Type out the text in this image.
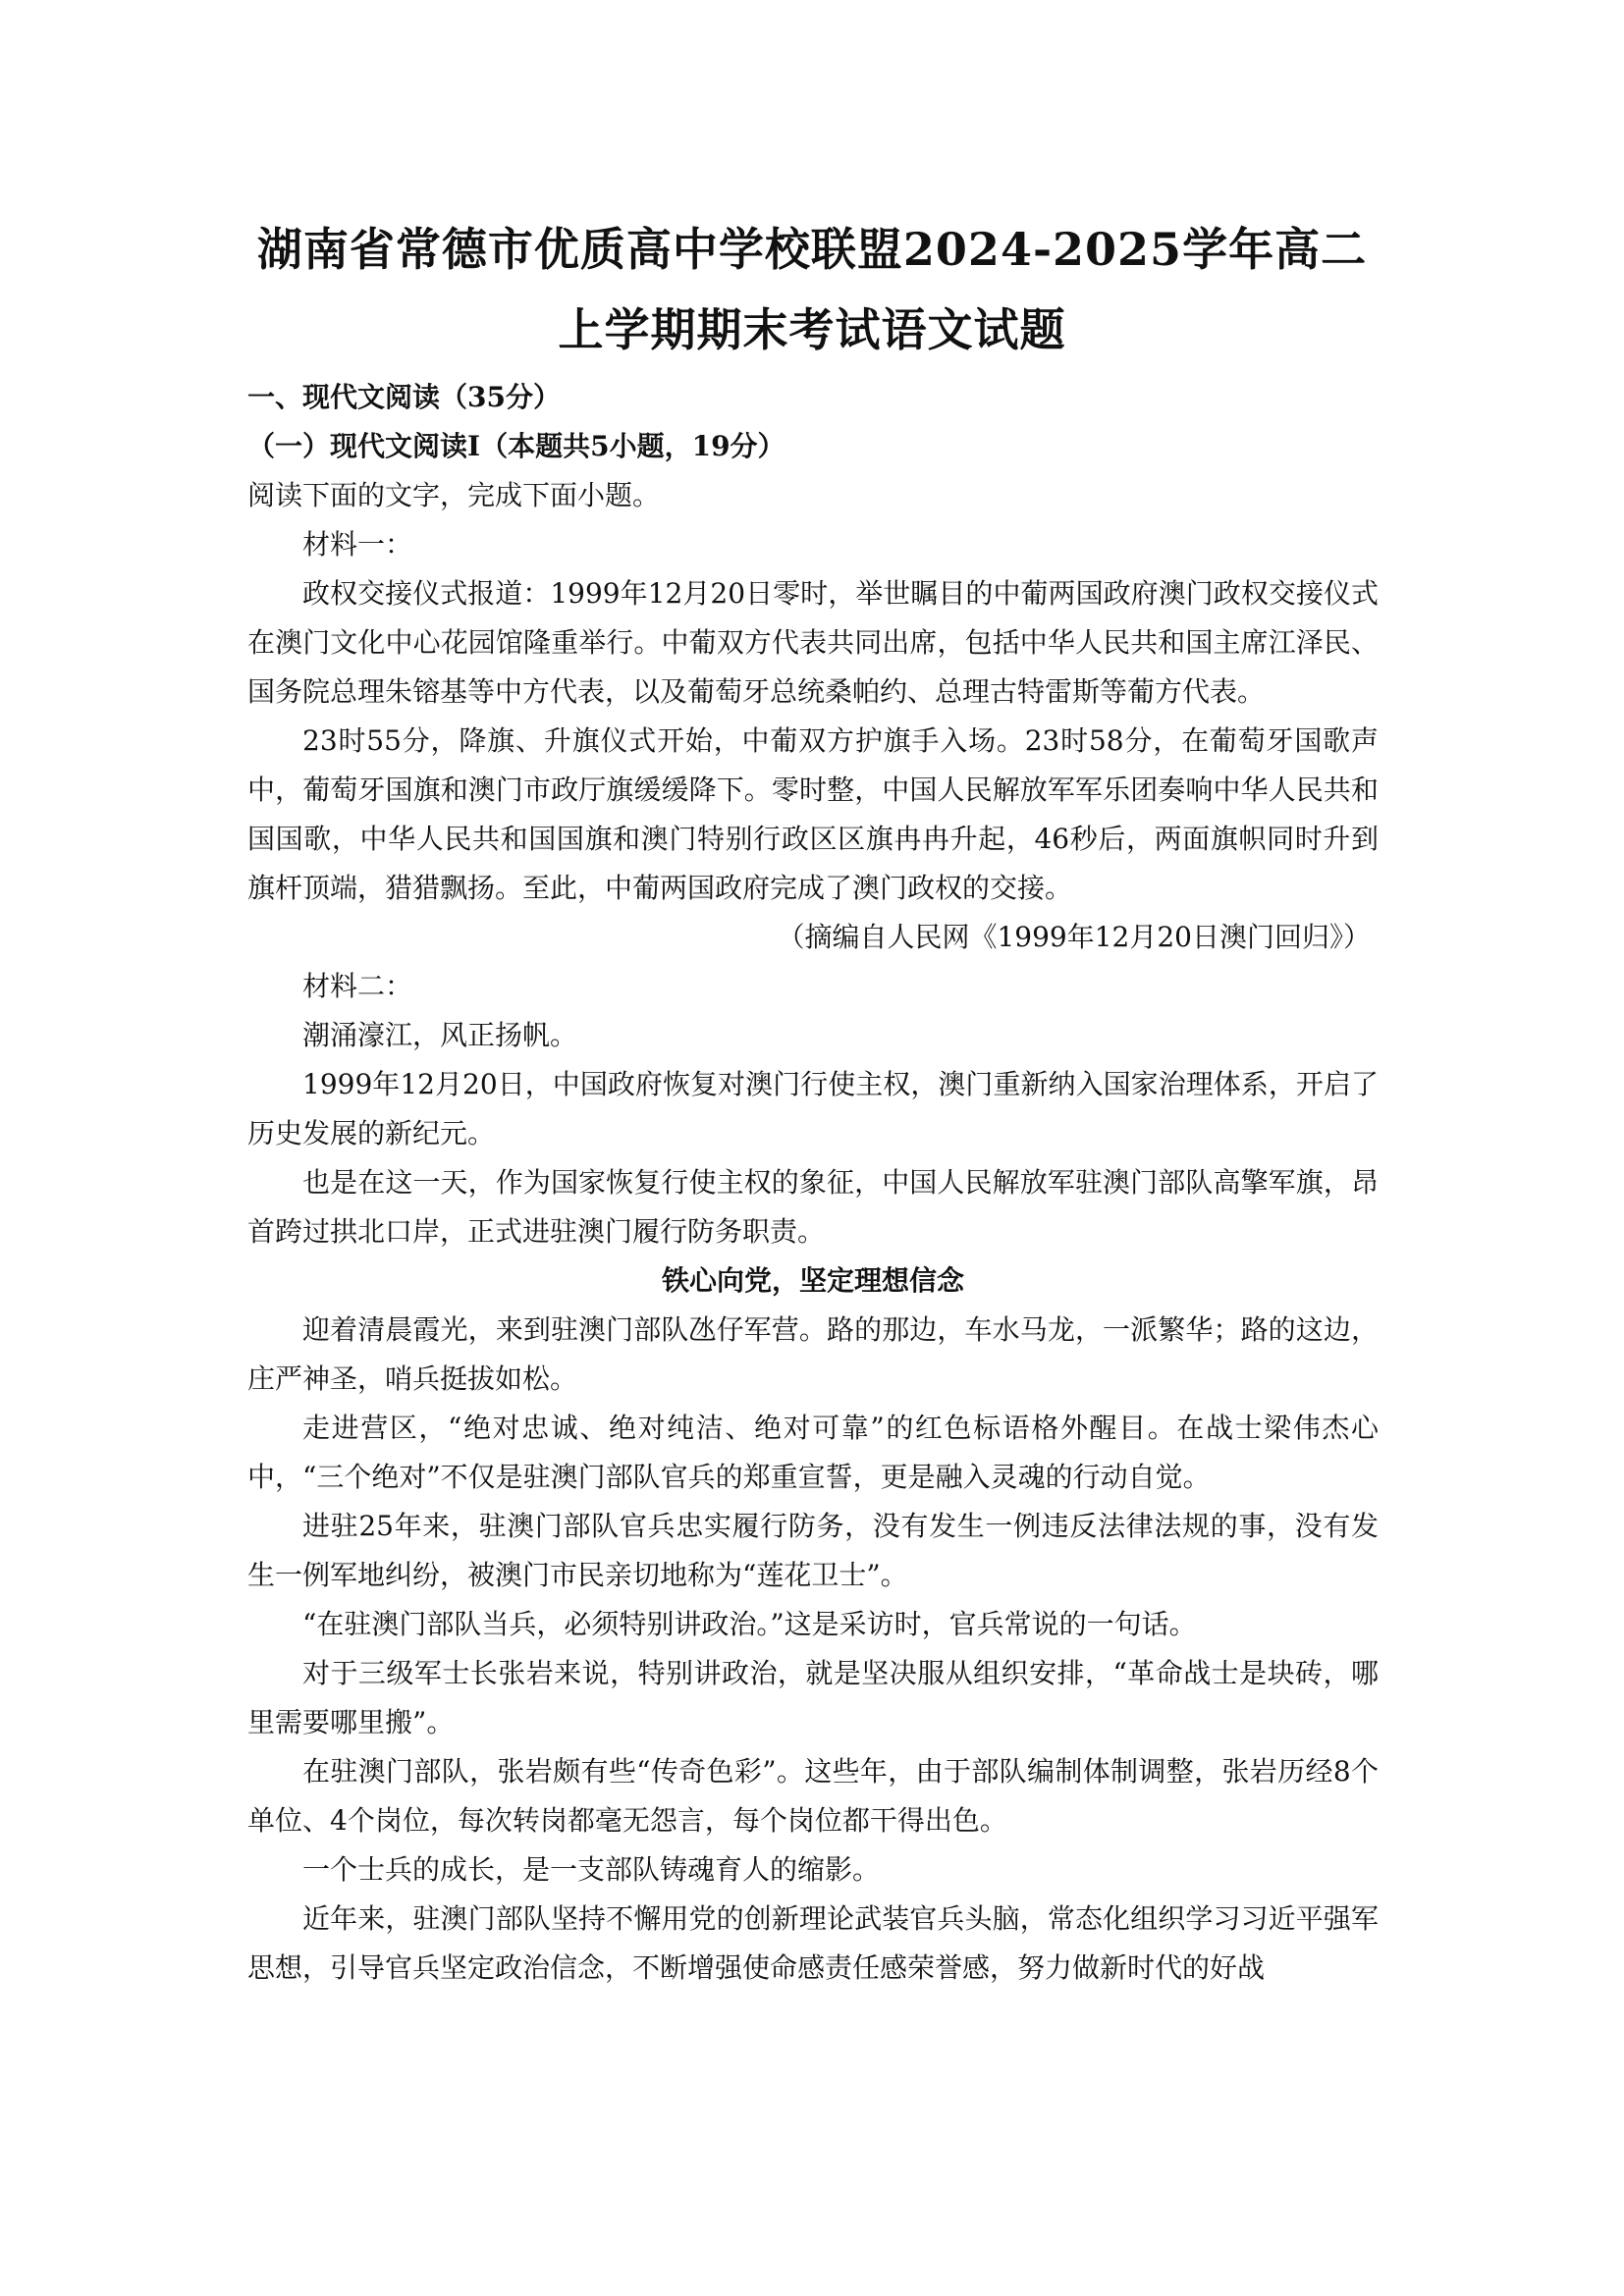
湖南省常德市优质高中学校联盟2024-2025学年高二
上学期期末考试语文试题

一、现代文阅读（35分）

（一）现代文阅读Ⅰ（本题共5小题，19分）

阅读下面的文字，完成下面小题。

材料一：

政权交接仪式报道：1999年12月20日零时，举世瞩目的中葡两国政府澳门政权交接仪式在澳门文化中心花园馆隆重举行。中葡双方代表共同出席，包括中华人民共和国主席江泽民、国务院总理朱镕基等中方代表，以及葡萄牙总统桑帕约、总理古特雷斯等葡方代表。

23时55分，降旗、升旗仪式开始，中葡双方护旗手入场。23时58分，在葡萄牙国歌声中，葡萄牙国旗和澳门市政厅旗缓缓降下。零时整，中国人民解放军军乐团奏响中华人民共和国国歌，中华人民共和国国旗和澳门特别行政区区旗冉冉升起，46秒后，两面旗帜同时升到旗杆顶端，猎猎飘扬。至此，中葡两国政府完成了澳门政权的交接。

（摘编自人民网《1999年12月20日澳门回归》）

材料二：

潮涌濠江，风正扬帆。

1999年12月20日，中国政府恢复对澳门行使主权，澳门重新纳入国家治理体系，开启了历史发展的新纪元。

也是在这一天，作为国家恢复行使主权的象征，中国人民解放军驻澳门部队高擎军旗，昂首跨过拱北口岸，正式进驻澳门履行防务职责。

铁心向党，坚定理想信念

迎着清晨霞光，来到驻澳门部队氹仔军营。路的那边，车水马龙，一派繁华；路的这边，庄严神圣，哨兵挺拔如松。

走进营区，“绝对忠诚、绝对纯洁、绝对可靠”的红色标语格外醒目。在战士梁伟杰心中，“三个绝对”不仅是驻澳门部队官兵的郑重宣誓，更是融入灵魂的行动自觉。

进驻25年来，驻澳门部队官兵忠实履行防务，没有发生一例违反法律法规的事，没有发生一例军地纠纷，被澳门市民亲切地称为“莲花卫士”。

“在驻澳门部队当兵，必须特别讲政治。”这是采访时，官兵常说的一句话。

对于三级军士长张岩来说，特别讲政治，就是坚决服从组织安排，“革命战士是块砖，哪里需要哪里搬”。

在驻澳门部队，张岩颇有些“传奇色彩”。这些年，由于部队编制体制调整，张岩历经8个单位、4个岗位，每次转岗都毫无怨言，每个岗位都干得出色。

一个士兵的成长，是一支部队铸魂育人的缩影。

近年来，驻澳门部队坚持不懈用党的创新理论武装官兵头脑，常态化组织学习习近平强军思想，引导官兵坚定政治信念，不断增强使命感责任感荣誉感，努力做新时代的好战
